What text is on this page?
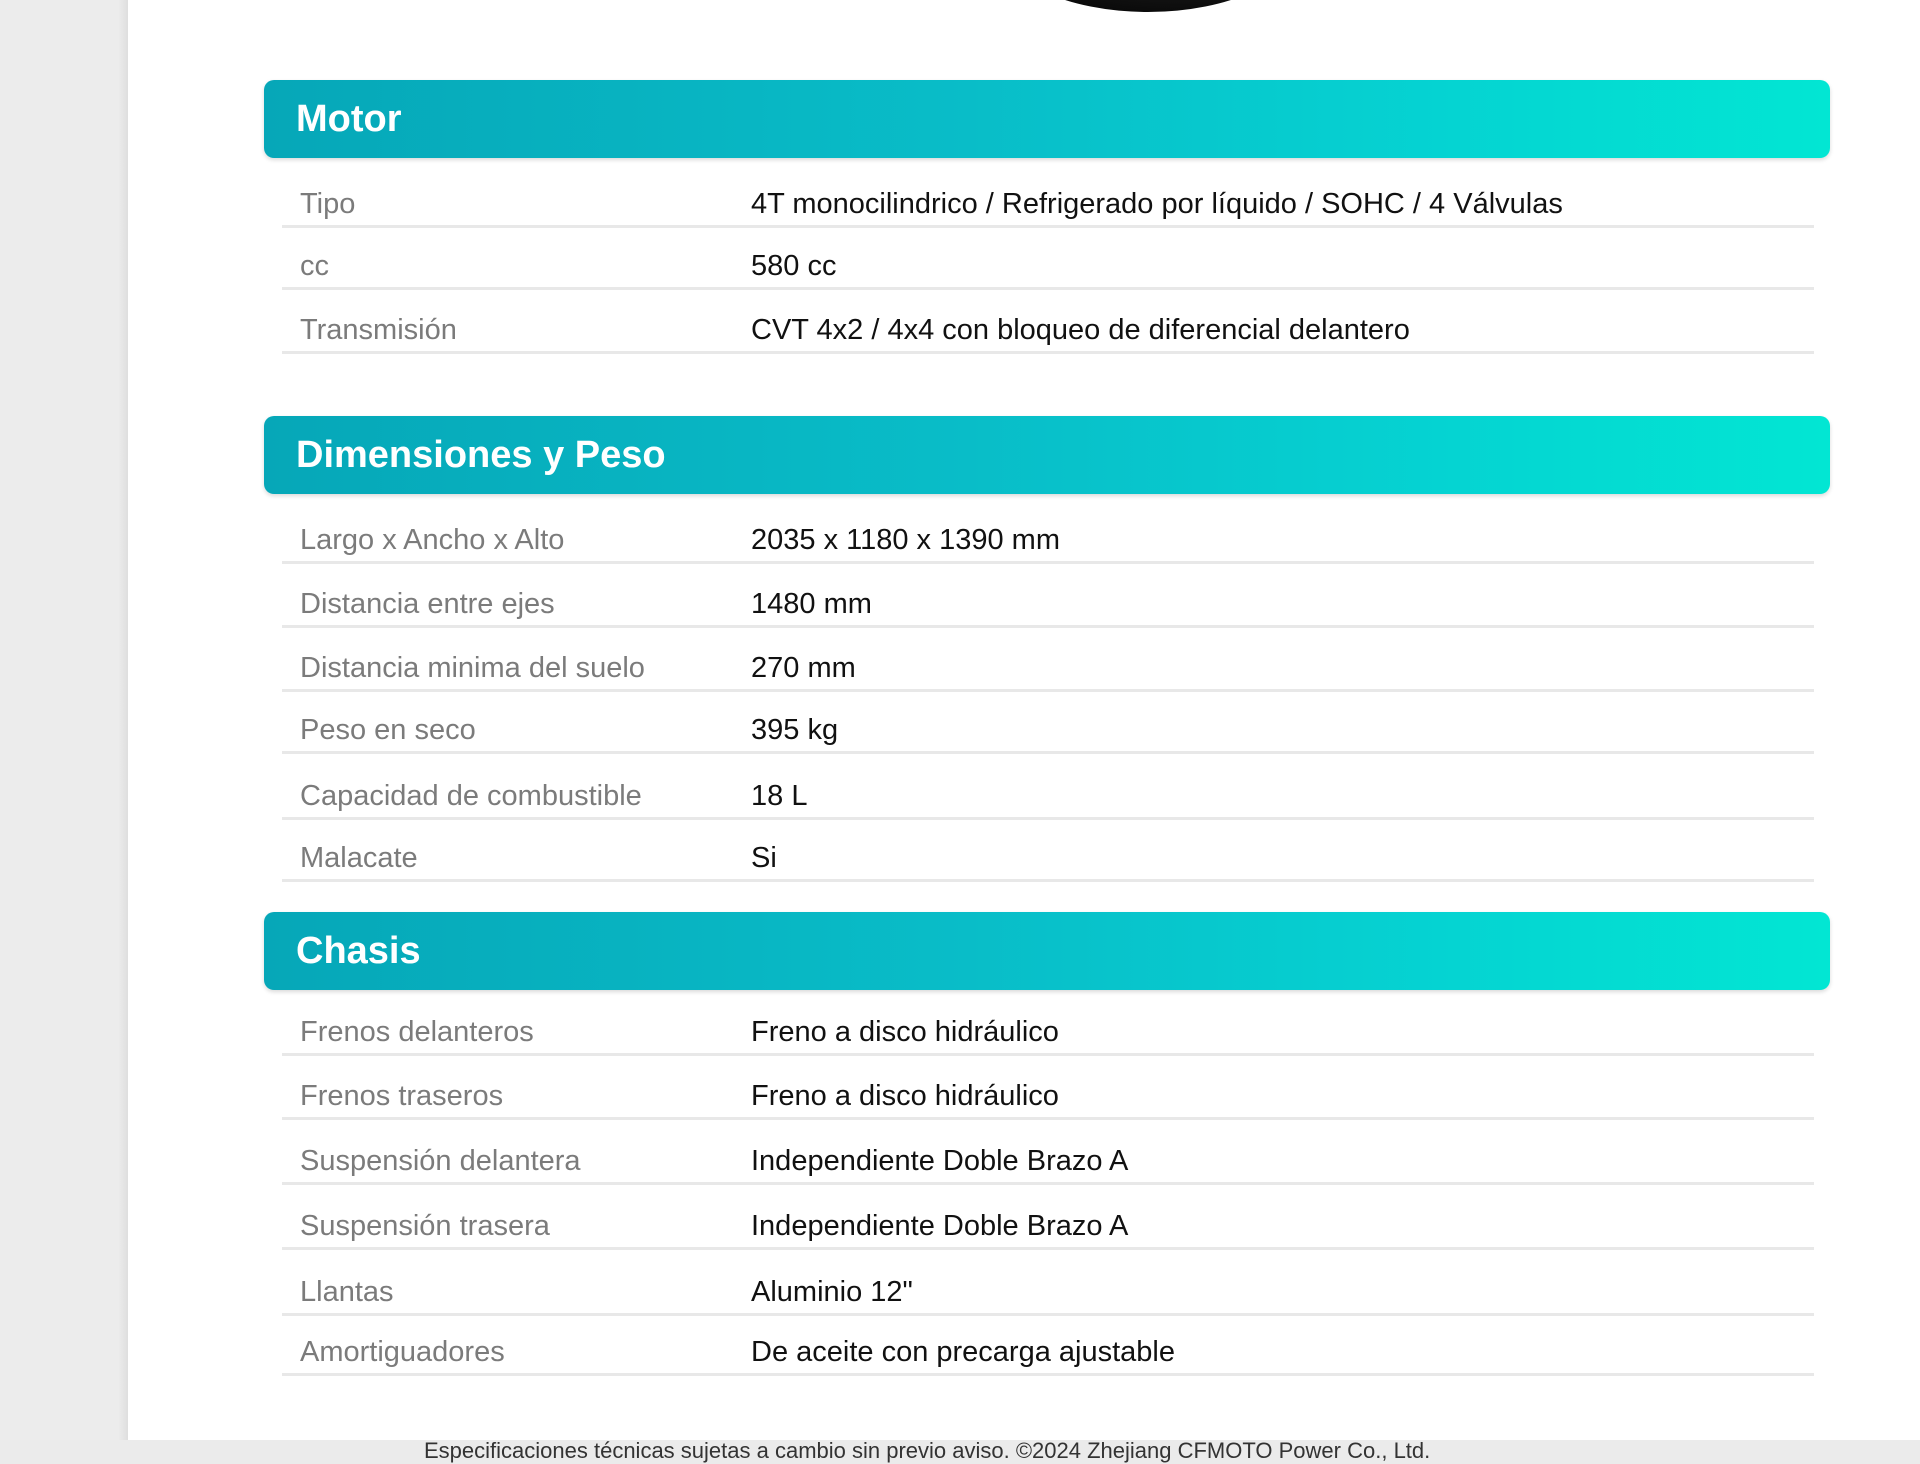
Motor
Tipo	4T monocilindrico / Refrigerado por líquido / SOHC / 4 Válvulas
cc	580 cc
Transmisión	CVT 4x2 / 4x4 con bloqueo de diferencial delantero
Dimensiones y Peso
Largo x Ancho x Alto	2035 x 1180 x 1390 mm
Distancia entre ejes	1480 mm
Distancia minima del suelo	270 mm
Peso en seco	395 kg
Capacidad de combustible	18 L
Malacate	Si
Chasis
Frenos delanteros	Freno a disco hidráulico
Frenos traseros	Freno a disco hidráulico
Suspensión delantera	Independiente Doble Brazo A
Suspensión trasera	Independiente Doble Brazo A
Llantas	Aluminio 12"
Amortiguadores	De aceite con precarga ajustable
Especificaciones técnicas sujetas a cambio sin previo aviso. ©2024 Zhejiang CFMOTO Power Co., Ltd.
